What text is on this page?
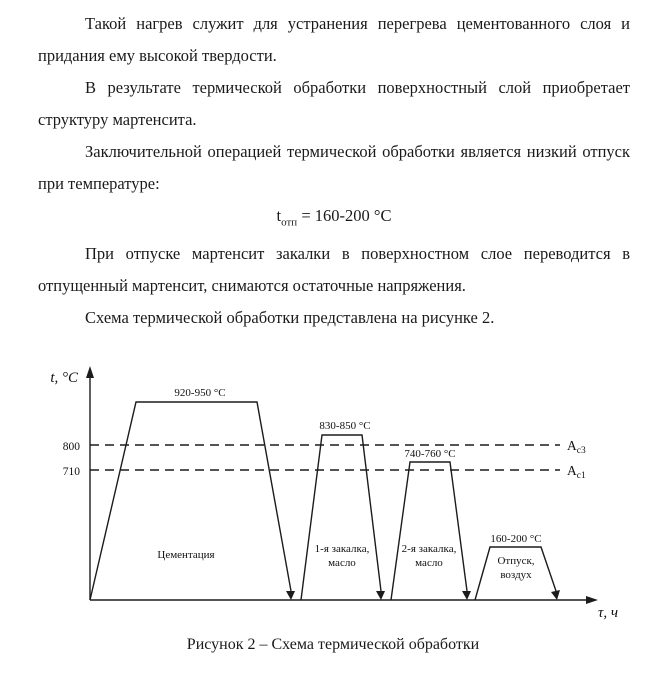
Такой нагрев служит для устранения перегрева цементованного слоя и придания ему высокой твердости.

В результате термической обработки поверхностный слой приобретает структуру мартенсита.

Заключительной операцией термической обработки является низкий отпуск при температуре:

$t_{отп} = 160-200$ °С

При отпуске мартенсит закалки в поверхностном слое переводится в отпущенный мартенсит, снимаются остаточные напряжения.

Схема термической обработки представлена на рисунке 2.

t, °С
τ, ч
800
710
$A_{c3}$
$A_{c1}$
920-950 °С
Цементация
830-850 °С
1-я закалка,
масло
740-760 °С
2-я закалка,
масло
160-200 °С
Отпуск,
воздух
Рисунок 2 – Схема термической обработки
